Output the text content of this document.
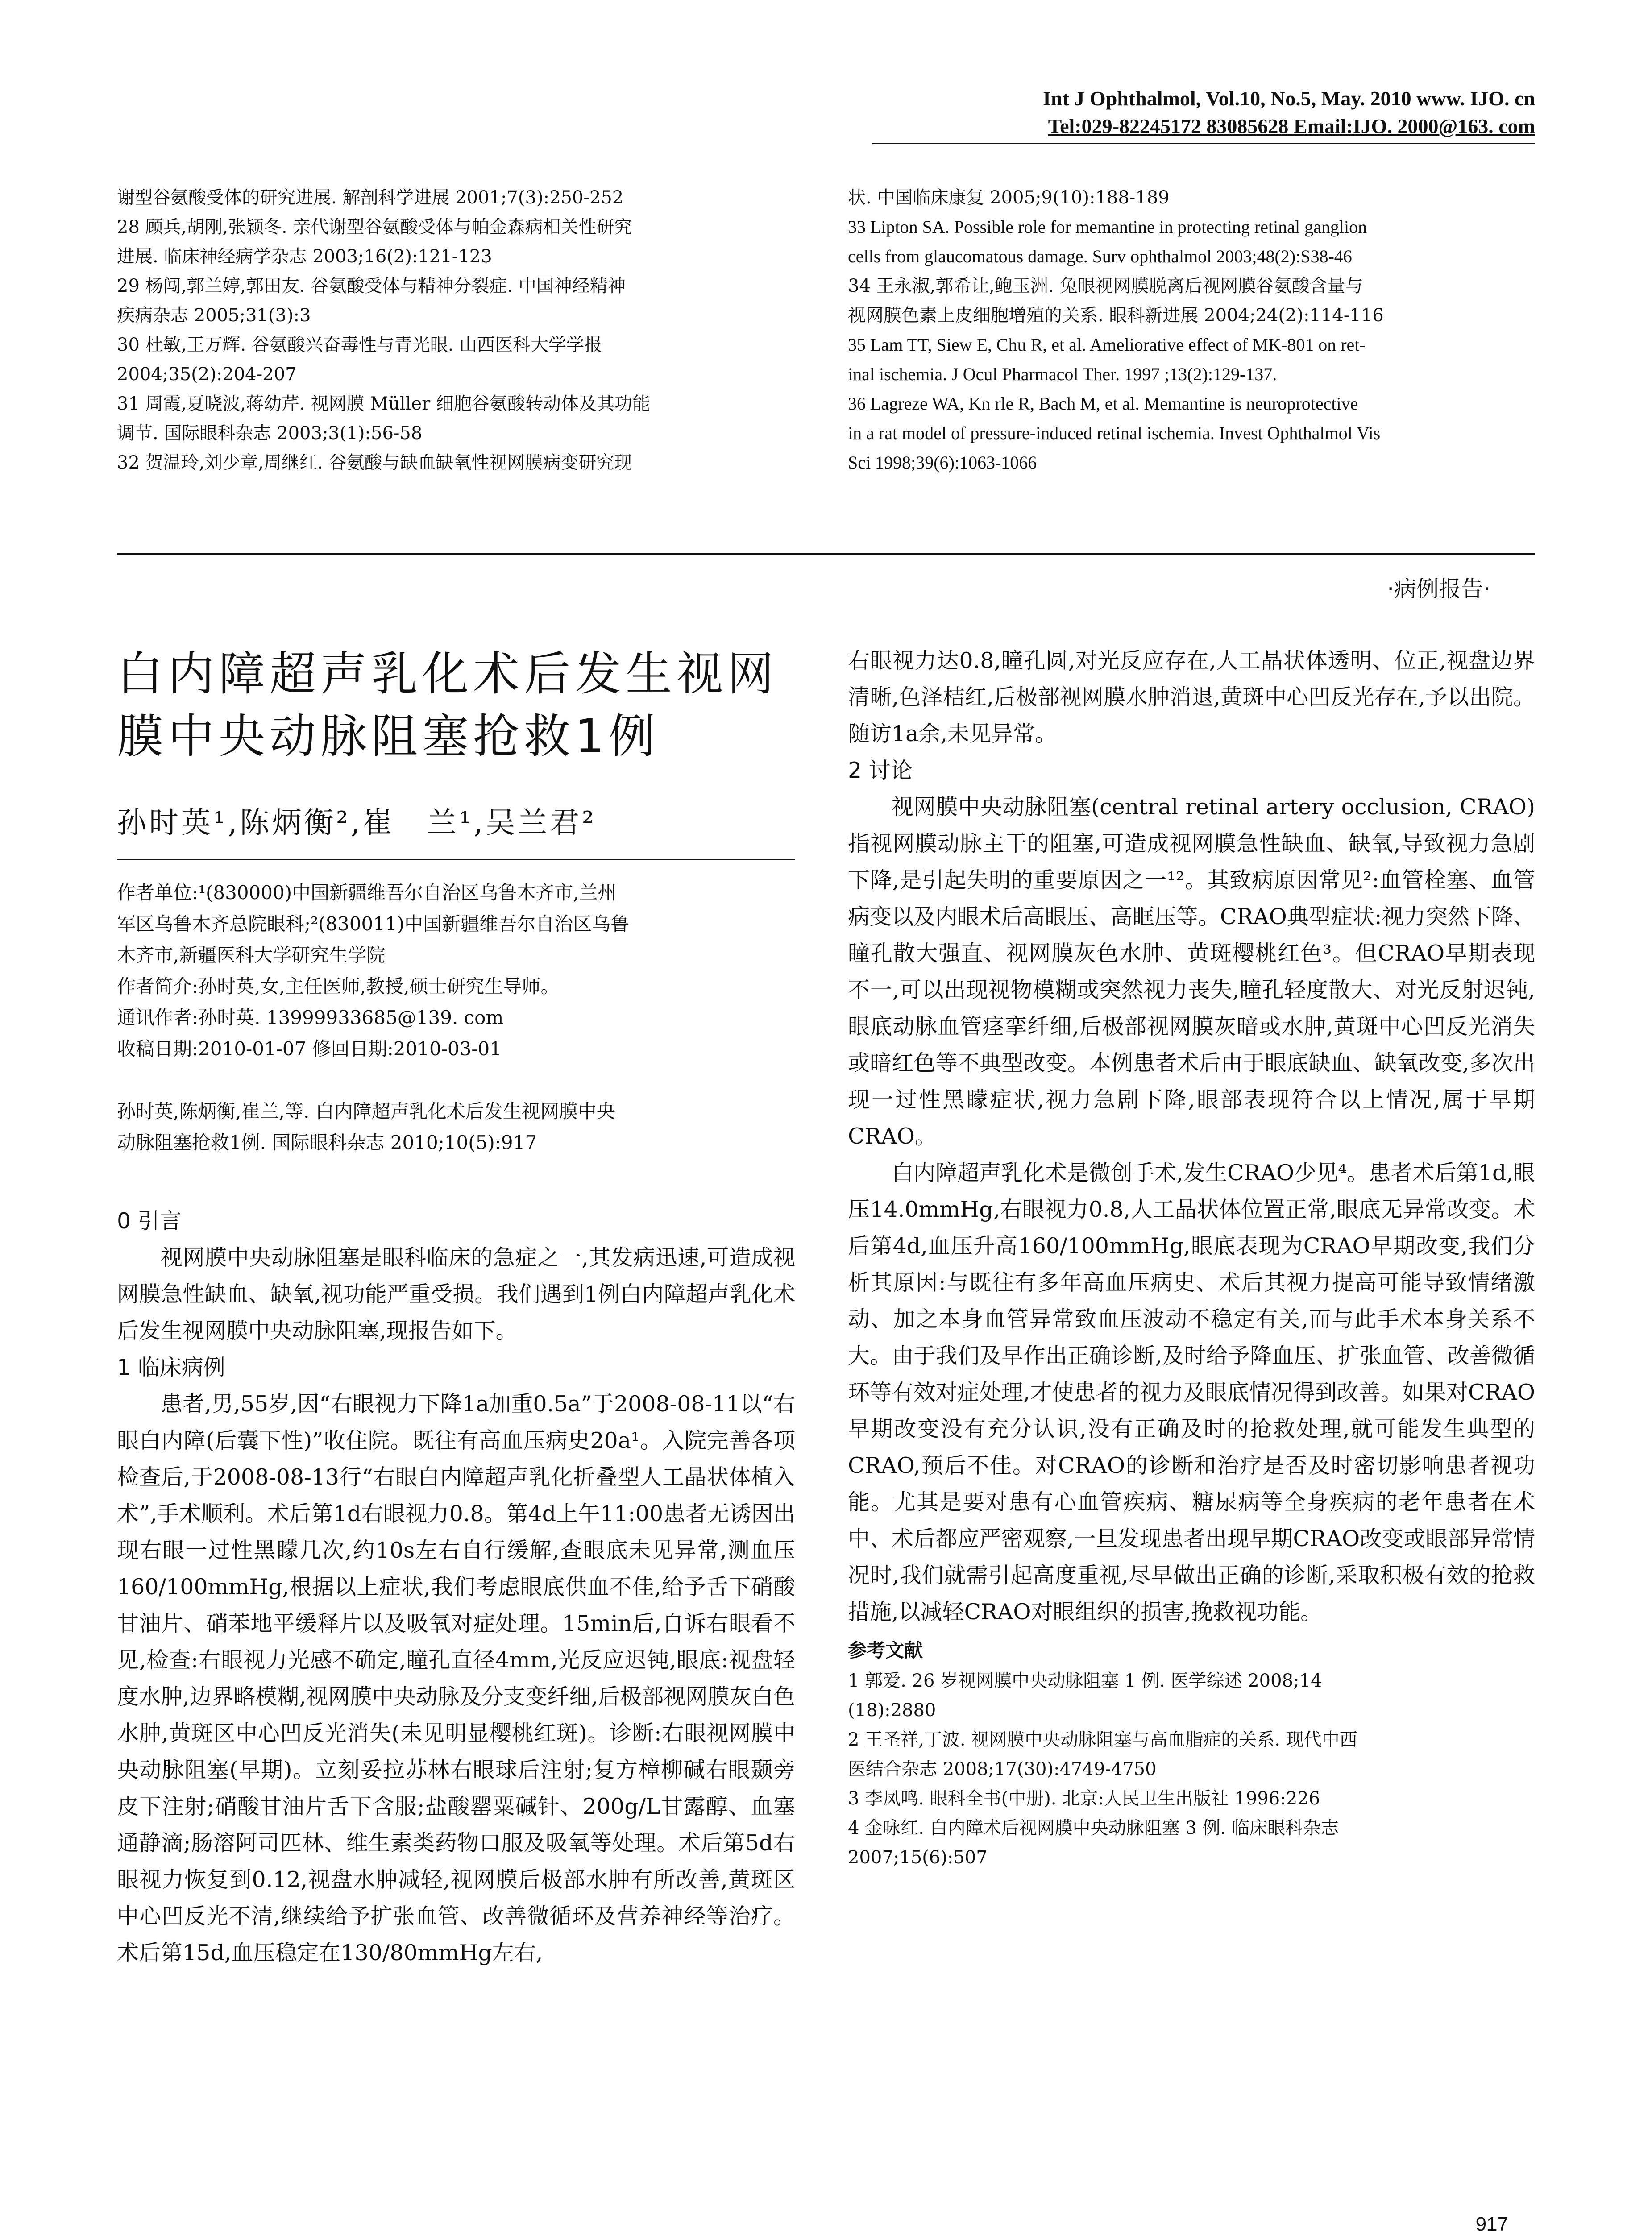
Int J Ophthalmol, Vol.10, No.5, May. 2010 www. IJO. cn
Tel:029-82245172 83085628 Email:IJO. 2000@163. com

谢型谷氨酸受体的研究进展. 解剖科学进展 2001;7(3):250-252

28 顾兵,胡刚,张颖冬. 亲代谢型谷氨酸受体与帕金森病相关性研究

进展. 临床神经病学杂志 2003;16(2):121-123

29 杨闯,郭兰婷,郭田友. 谷氨酸受体与精神分裂症. 中国神经精神

疾病杂志 2005;31(3):3

30 杜敏,王万辉. 谷氨酸兴奋毒性与青光眼. 山西医科大学学报

2004;35(2):204-207

31 周霞,夏晓波,蒋幼芹. 视网膜 Müller 细胞谷氨酸转动体及其功能

调节. 国际眼科杂志 2003;3(1):56-58

32 贺温玲,刘少章,周继红. 谷氨酸与缺血缺氧性视网膜病变研究现

状. 中国临床康复 2005;9(10):188-189

33 Lipton SA. Possible role for memantine in protecting retinal ganglion

cells from glaucomatous damage. Surv ophthalmol 2003;48(2):S38-46

34 王永淑,郭希让,鲍玉洲. 兔眼视网膜脱离后视网膜谷氨酸含量与

视网膜色素上皮细胞增殖的关系. 眼科新进展 2004;24(2):114-116

35 Lam TT, Siew E, Chu R, et al. Ameliorative effect of MK-801 on ret-

inal ischemia. J Ocul Pharmacol Ther. 1997 ;13(2):129-137.

36 Lagreze WA, Kn rle R, Bach M, et al. Memantine is neuroprotective

in a rat model of pressure-induced retinal ischemia. Invest Ophthalmol Vis

Sci 1998;39(6):1063-1066

·病例报告·

白内障超声乳化术后发生视网

膜中央动脉阻塞抢救1例

孙时英¹,陈炳衡²,崔　兰¹,吴兰君²

作者单位:¹(830000)中国新疆维吾尔自治区乌鲁木齐市,兰州

军区乌鲁木齐总院眼科;²(830011)中国新疆维吾尔自治区乌鲁

木齐市,新疆医科大学研究生学院

作者简介:孙时英,女,主任医师,教授,硕士研究生导师。

通讯作者:孙时英. 13999933685@139. com

收稿日期:2010-01-07 修回日期:2010-03-01

孙时英,陈炳衡,崔兰,等. 白内障超声乳化术后发生视网膜中央

动脉阻塞抢救1例. 国际眼科杂志 2010;10(5):917

0 引言

视网膜中央动脉阻塞是眼科临床的急症之一,其发病迅速,可造成视网膜急性缺血、缺氧,视功能严重受损。我们遇到1例白内障超声乳化术后发生视网膜中央动脉阻塞,现报告如下。

1 临床病例

患者,男,55岁,因“右眼视力下降1a加重0.5a”于2008-08-11以“右眼白内障(后囊下性)”收住院。既往有高血压病史20a¹。入院完善各项检查后,于2008-08-13行“右眼白内障超声乳化折叠型人工晶状体植入术”,手术顺利。术后第1d右眼视力0.8。第4d上午11:00患者无诱因出现右眼一过性黑矇几次,约10s左右自行缓解,查眼底未见异常,测血压160/100mmHg,根据以上症状,我们考虑眼底供血不佳,给予舌下硝酸甘油片、硝苯地平缓释片以及吸氧对症处理。15min后,自诉右眼看不见,检查:右眼视力光感不确定,瞳孔直径4mm,光反应迟钝,眼底:视盘轻度水肿,边界略模糊,视网膜中央动脉及分支变纤细,后极部视网膜灰白色水肿,黄斑区中心凹反光消失(未见明显樱桃红斑)。诊断:右眼视网膜中央动脉阻塞(早期)。立刻妥拉苏林右眼球后注射;复方樟柳碱右眼颞旁皮下注射;硝酸甘油片舌下含服;盐酸罂粟碱针、200g/L甘露醇、血塞通静滴;肠溶阿司匹林、维生素类药物口服及吸氧等处理。术后第5d右眼视力恢复到0.12,视盘水肿减轻,视网膜后极部水肿有所改善,黄斑区中心凹反光不清,继续给予扩张血管、改善微循环及营养神经等治疗。术后第15d,血压稳定在130/80mmHg左右,

右眼视力达0.8,瞳孔圆,对光反应存在,人工晶状体透明、位正,视盘边界清晰,色泽桔红,后极部视网膜水肿消退,黄斑中心凹反光存在,予以出院。随访1a余,未见异常。

2 讨论

视网膜中央动脉阻塞(central retinal artery occlusion, CRAO)指视网膜动脉主干的阻塞,可造成视网膜急性缺血、缺氧,导致视力急剧下降,是引起失明的重要原因之一¹²。其致病原因常见²:血管栓塞、血管病变以及内眼术后高眼压、高眶压等。CRAO典型症状:视力突然下降、瞳孔散大强直、视网膜灰色水肿、黄斑樱桃红色³。但CRAO早期表现不一,可以出现视物模糊或突然视力丧失,瞳孔轻度散大、对光反射迟钝,眼底动脉血管痉挛纤细,后极部视网膜灰暗或水肿,黄斑中心凹反光消失或暗红色等不典型改变。本例患者术后由于眼底缺血、缺氧改变,多次出现一过性黑矇症状,视力急剧下降,眼部表现符合以上情况,属于早期CRAO。

白内障超声乳化术是微创手术,发生CRAO少见⁴。患者术后第1d,眼压14.0mmHg,右眼视力0.8,人工晶状体位置正常,眼底无异常改变。术后第4d,血压升高160/100mmHg,眼底表现为CRAO早期改变,我们分析其原因:与既往有多年高血压病史、术后其视力提高可能导致情绪激动、加之本身血管异常致血压波动不稳定有关,而与此手术本身关系不大。由于我们及早作出正确诊断,及时给予降血压、扩张血管、改善微循环等有效对症处理,才使患者的视力及眼底情况得到改善。如果对CRAO早期改变没有充分认识,没有正确及时的抢救处理,就可能发生典型的CRAO,预后不佳。对CRAO的诊断和治疗是否及时密切影响患者视功能。尤其是要对患有心血管疾病、糖尿病等全身疾病的老年患者在术中、术后都应严密观察,一旦发现患者出现早期CRAO改变或眼部异常情况时,我们就需引起高度重视,尽早做出正确的诊断,采取积极有效的抢救措施,以减轻CRAO对眼组织的损害,挽救视功能。

参考文献

1 郭爱. 26 岁视网膜中央动脉阻塞 1 例. 医学综述 2008;14

(18):2880

2 王圣祥,丁波. 视网膜中央动脉阻塞与高血脂症的关系. 现代中西

医结合杂志 2008;17(30):4749-4750

3 李凤鸣. 眼科全书(中册). 北京:人民卫生出版社 1996:226

4 金咏红. 白内障术后视网膜中央动脉阻塞 3 例. 临床眼科杂志

2007;15(6):507

917
